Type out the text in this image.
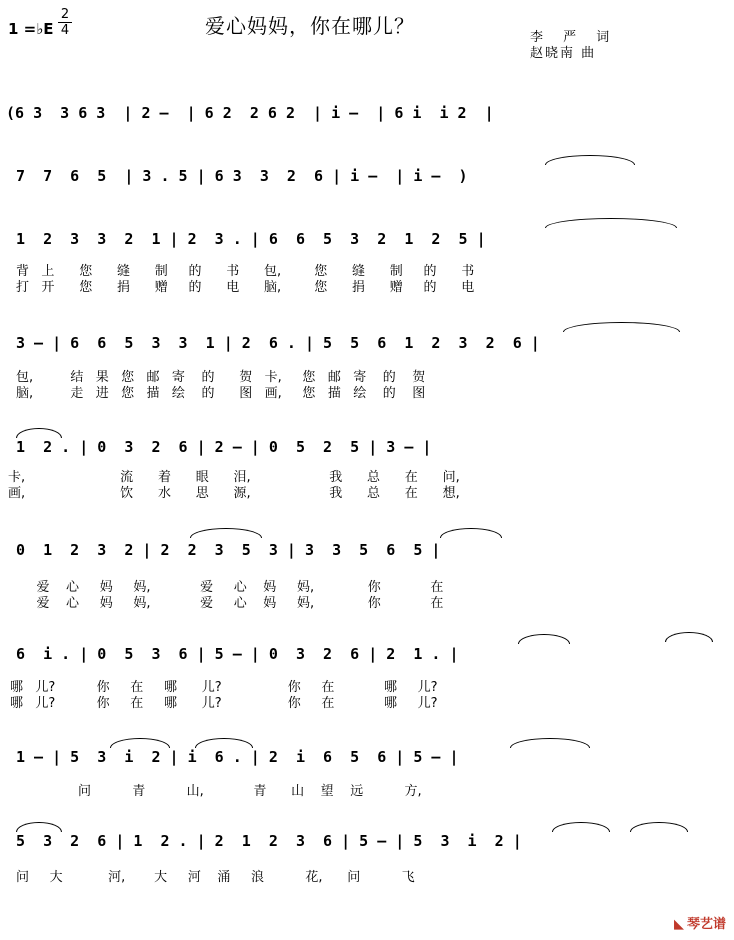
1 =♭E
2
4	爱心妈妈，你在哪儿？	李 严 词
赵晓南 曲
(6 3  3 6 3  | 2 –  | 6 2  2 6 2  | i –  | 6 i  i 2  |
7  7  6  5  | 3 . 5 | 6 3  3  2  6 | i –  | i –  )
1  2  3  3  2  1 | 2  3 . | 6  6  5  3  2  1  2  5 |
背   上      您      缝      制     的      书      包,        您      缝      制     的      书
打   开      您      捐      赠     的      电      脑,        您      捐      赠     的      电
3 – | 6  6  5  3  3  1 | 2  6 . | 5  5  6  1  2  3  2  6 |
包,         结   果   您   邮   寄    的      贺   卡,     您   邮   寄    的    贺
脑,         走   进   您   描   绘    的      图   画,     您   描   绘    的    图
1  2 . | 0  3  2  6 | 2 – | 0  5  2  5 | 3 – |
卡,                       流      着      眼      泪,                   我      总      在      问,
画,                       饮      水      思      源,                   我      总      在      想,
0  1  2  3  2 | 2  2  3  5  3 | 3  3  5  6  5 |
爱    心     妈     妈,            爱     心    妈     妈,             你            在
爱    心     妈     妈,            爱     心    妈     妈,             你            在
6  i . | 0  5  3  6 | 5 – | 0  3  2  6 | 2  1 . |
哪   儿?          你     在     哪      儿?                你     在            哪     儿?
哪   儿?          你     在     哪      儿?                你     在            哪     儿?
1 – | 5  3  i  2 | i  6 . | 2  i  6  5  6 | 5 – |
问          青          山,            青      山    望    远          方,
5  3  2  6 | 1  2 . | 2  1  2  3  6 | 5 – | 5  3  i  2 |
问     大           河,       大     河    涌     浪          花,      问          飞
◣ 琴艺谱
